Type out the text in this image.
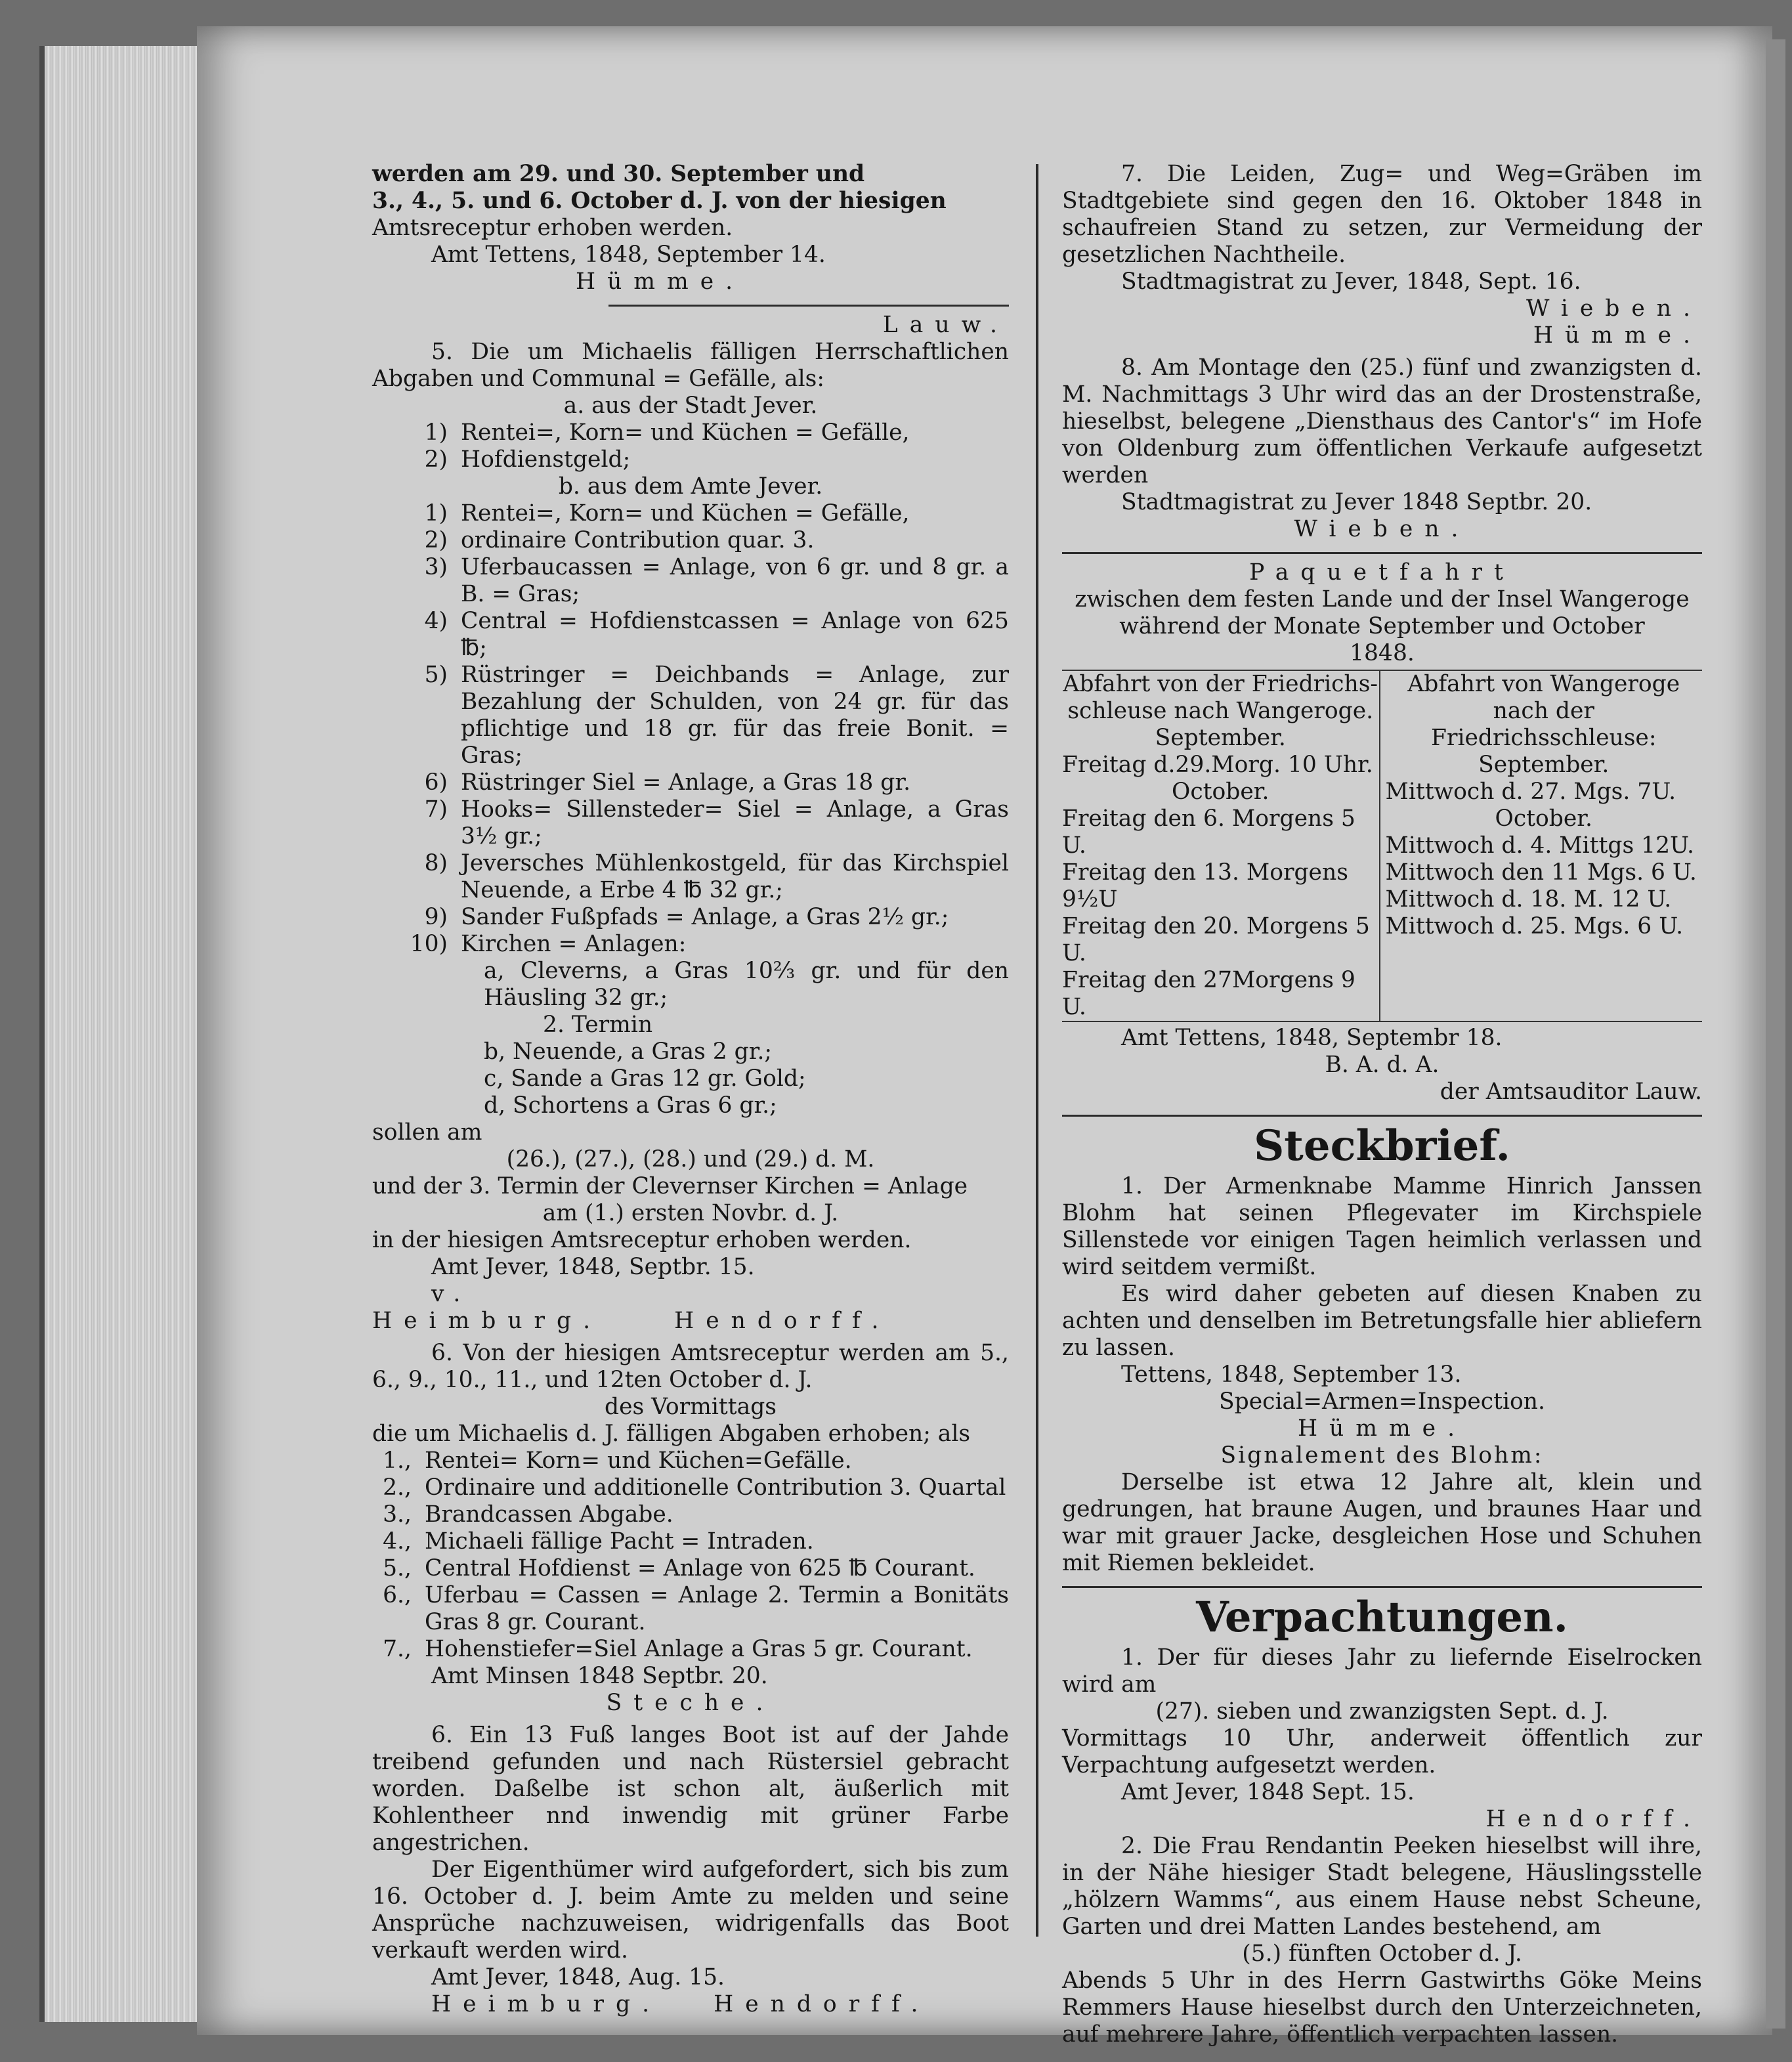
werden am 29. und 30. September und

3., 4., 5. und 6. October d. J. von der hiesigen

Amtsreceptur erhoben werden.

Amt Tettens, 1848, September 14.

Hümme.

Lauw.

5. Die um Michaelis fälligen Herrschaftlichen Abgaben und Communal = Gefälle, als:

a. aus der Stadt Jever.

1) Rentei=, Korn= und Küchen = Gefälle,
2) Hofdienstgeld;

b. aus dem Amte Jever.

1) Rentei=, Korn= und Küchen = Gefälle,
2) ordinaire Contribution quar. 3.
3) Uferbaucassen = Anlage, von 6 gr. und 8 gr. a B. = Gras;
4) Central = Hofdienstcassen = Anlage von 625 ℔;
5) Rüstringer = Deichbands = Anlage, zur Bezahlung der Schulden, von 24 gr. für das pflichtige und 18 gr. für das freie Bonit. = Gras;
6) Rüstringer Siel = Anlage, a Gras 18 gr.
7) Hooks= Sillensteder= Siel = Anlage, a Gras 3½ gr.;
8) Jeversches Mühlenkostgeld, für das Kirchspiel Neuende, a Erbe 4 ℔ 32 gr.;
9) Sander Fußpfads = Anlage, a Gras 2½ gr.;
10) Kirchen = Anlagen:

a, Cleverns, a Gras 10⅔ gr. und für den Häusling 32 gr.;

2. Termin

b, Neuende, a Gras 2 gr.;

c, Sande a Gras 12 gr. Gold;

d, Schortens a Gras 6 gr.;

sollen am

(26.), (27.), (28.) und (29.) d. M.

und der 3. Termin der Clevernser Kirchen = Anlage

am (1.) ersten Novbr. d. J.

in der hiesigen Amtsreceptur erhoben werden.

Amt Jever, 1848, Septbr. 15.

v. Heimburg.	Hendorff.

6. Von der hiesigen Amtsreceptur werden am 5., 6., 9., 10., 11., und 12ten October d. J.

des Vormittags

die um Michaelis d. J. fälligen Abgaben erhoben; als

1., Rentei= Korn= und Küchen=Gefälle.
2., Ordinaire und additionelle Contribution 3. Quartal
3., Brandcassen Abgabe.
4., Michaeli fällige Pacht = Intraden.
5., Central Hofdienst = Anlage von 625 ℔ Courant.
6., Uferbau = Cassen = Anlage 2. Termin a Bonitäts Gras 8 gr. Courant.
7., Hohenstiefer=Siel Anlage a Gras 5 gr. Courant.

Amt Minsen 1848 Septbr. 20.

Steche.

6. Ein 13 Fuß langes Boot ist auf der Jahde treibend gefunden und nach Rüstersiel gebracht worden. Daßelbe ist schon alt, äußerlich mit Kohlentheer nnd inwendig mit grüner Farbe angestrichen.

Der Eigenthümer wird aufgefordert, sich bis zum 16. October d. J. beim Amte zu melden und seine Ansprüche nachzuweisen, widrigenfalls das Boot verkauft werden wird.

Amt Jever, 1848, Aug. 15.

Heimburg. Hendorff.

7. Die Leiden, Zug= und Weg=Gräben im Stadtgebiete sind gegen den 16. Oktober 1848 in schaufreien Stand zu setzen, zur Vermeidung der gesetzlichen Nachtheile.

Stadtmagistrat zu Jever, 1848, Sept. 16.

Wieben.

Hümme.

8. Am Montage den (25.) fünf und zwanzigsten d. M. Nachmittags 3 Uhr wird das an der Drostenstraße, hieselbst, belegene „Diensthaus des Cantor's“ im Hofe von Oldenburg zum öffentlichen Verkaufe aufgesetzt werden

Stadtmagistrat zu Jever 1848 Septbr. 20.

Wieben.

Paquetfahrt

zwischen dem festen Lande und der Insel Wangeroge während der Monate September und October

1848.

Abfahrt von der Friedrichs-
schleuse nach Wangeroge.
September.
Freitag d.29.Morg. 10 Uhr.
October.
Freitag den 6. Morgens 5 U.
Freitag den 13. Morgens 9½U
Freitag den 20. Morgens 5 U.
Freitag den 27Morgens 9 U.
Abfahrt von Wangeroge
nach der Friedrichsschleuse:
September.
Mittwoch d. 27. Mgs. 7U.
October.
Mittwoch d. 4. Mittgs 12U.
Mittwoch den 11 Mgs. 6 U.
Mittwoch d. 18. M. 12 U.
Mittwoch d. 25. Mgs. 6 U.

Amt Tettens, 1848, Septembr 18.

B. A. d. A.

der Amtsauditor Lauw.

Steckbrief.

1. Der Armenknabe Mamme Hinrich Janssen Blohm hat seinen Pflegevater im Kirchspiele Sillenstede vor einigen Tagen heimlich verlassen und wird seitdem vermißt.

Es wird daher gebeten auf diesen Knaben zu achten und denselben im Betretungsfalle hier abliefern zu lassen.

Tettens, 1848, September 13.

Special=Armen=Inspection.

Hümme.

Signalement des Blohm:

Derselbe ist etwa 12 Jahre alt, klein und gedrungen, hat braune Augen, und braunes Haar und war mit grauer Jacke, desgleichen Hose und Schuhen mit Riemen bekleidet.

Verpachtungen.

1. Der für dieses Jahr zu liefernde Eiselrocken wird am

(27). sieben und zwanzigsten Sept. d. J.

Vormittags 10 Uhr, anderweit öffentlich zur Verpachtung aufgesetzt werden.

Amt Jever, 1848 Sept. 15.

Hendorff.

2. Die Frau Rendantin Peeken hieselbst will ihre, in der Nähe hiesiger Stadt belegene, Häuslingsstelle „hölzern Wamms“, aus einem Hause nebst Scheune, Garten und drei Matten Landes bestehend, am

(5.) fünften October d. J.

Abends 5 Uhr in des Herrn Gastwirths Göke Meins Remmers Hause hieselbst durch den Unterzeichneten, auf mehrere Jahre, öffentlich verpachten lassen.
